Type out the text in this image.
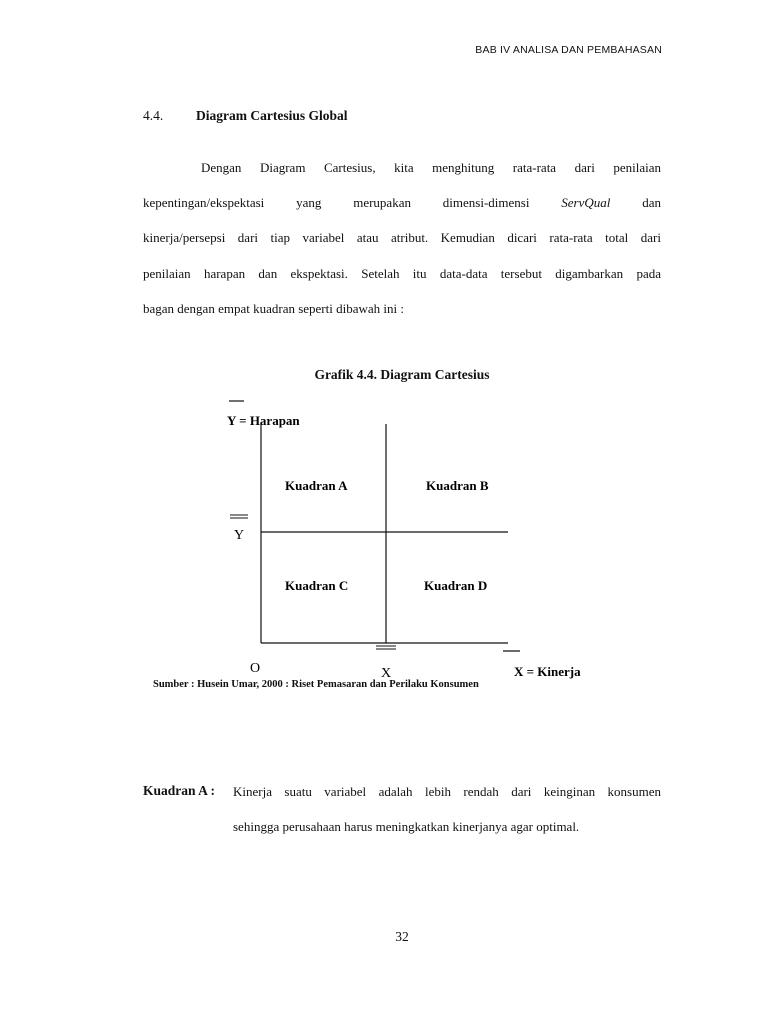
BAB IV ANALISA DAN PEMBAHASAN
4.4. Diagram Cartesius Global

Dengan Diagram Cartesius, kita menghitung rata-rata dari penilaian
kepentingan/ekspektasi yang merupakan dimensi-dimensi ServQual dan
kinerja/persepsi dari tiap variabel atau atribut. Kemudian dicari rata-rata total dari
penilaian harapan dan ekspektasi. Setelah itu data-data tersebut digambarkan pada
bagan dengan empat kuadran seperti dibawah ini :

Grafik 4.4. Diagram Cartesius
Y = Harapan
Kuadran A	Kuadran B
Kuadran C	Kuadran D
Y
O	X	X = Kinerja
Sumber : Husein Umar, 2000 : Riset Pemasaran dan Perilaku Konsumen
Kuadran A : Kinerja suatu variabel adalah lebih rendah dari keinginan konsumen
sehingga perusahaan harus meningkatkan kinerjanya agar optimal.

32
